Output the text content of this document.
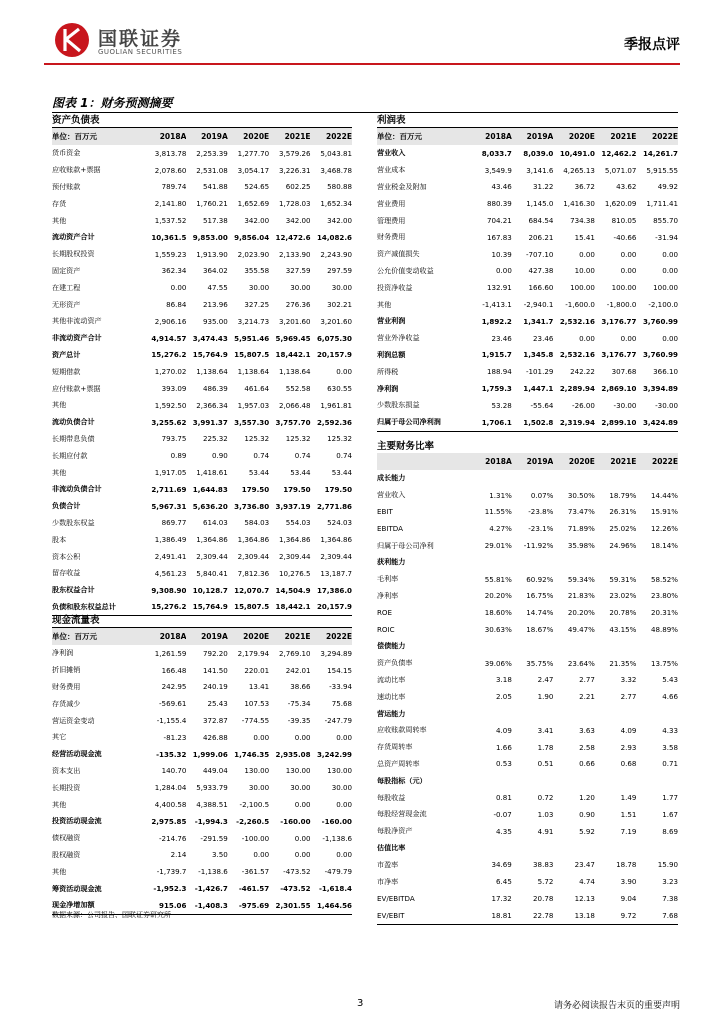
国联证券
GUOLIAN SECURITIES	季报点评
图表 1：财务预测摘要
资产负债表
单位：百万元	2018A	2019A	2020E	2021E	2022E
货币资金	3,813.78	2,253.39	1,277.70	3,579.26	5,043.81
应收账款+票据	2,078.60	2,531.08	3,054.17	3,226.31	3,468.78
预付账款	789.74	541.88	524.65	602.25	580.88
存货	2,141.80	1,760.21	1,652.69	1,728.03	1,652.34
其他	1,537.52	517.38	342.00	342.00	342.00
流动资产合计	10,361.5	9,853.00	9,856.04	12,472.6	14,082.6
长期股权投资	1,559.23	1,913.90	2,023.90	2,133.90	2,243.90
固定资产	362.34	364.02	355.58	327.59	297.59
在建工程	0.00	47.55	30.00	30.00	30.00
无形资产	86.84	213.96	327.25	276.36	302.21
其他非流动资产	2,906.16	935.00	3,214.73	3,201.60	3,201.60
非流动资产合计	4,914.57	3,474.43	5,951.46	5,969.45	6,075.30
资产总计	15,276.2	15,764.9	15,807.5	18,442.1	20,157.9
短期借款	1,270.02	1,138.64	1,138.64	1,138.64	0.00
应付账款+票据	393.09	486.39	461.64	552.58	630.55
其他	1,592.50	2,366.34	1,957.03	2,066.48	1,961.81
流动负债合计	3,255.62	3,991.37	3,557.30	3,757.70	2,592.36
长期带息负债	793.75	225.32	125.32	125.32	125.32
长期应付款	0.89	0.90	0.74	0.74	0.74
其他	1,917.05	1,418.61	53.44	53.44	53.44
非流动负债合计	2,711.69	1,644.83	179.50	179.50	179.50
负债合计	5,967.31	5,636.20	3,736.80	3,937.19	2,771.86
少数股东权益	869.77	614.03	584.03	554.03	524.03
股本	1,386.49	1,364.86	1,364.86	1,364.86	1,364.86
资本公积	2,491.41	2,309.44	2,309.44	2,309.44	2,309.44
留存收益	4,561.23	5,840.41	7,812.36	10,276.5	13,187.7
股东权益合计	9,308.90	10,128.7	12,070.7	14,504.9	17,386.0
负债和股东权益总计	15,276.2	15,764.9	15,807.5	18,442.1	20,157.9
利润表
单位：百万元	2018A	2019A	2020E	2021E	2022E
营业收入	8,033.7	8,039.0	10,491.0	12,462.2	14,261.7
营业成本	3,549.9	3,141.6	4,265.13	5,071.07	5,915.55
营业税金及附加	43.46	31.22	36.72	43.62	49.92
营业费用	880.39	1,145.0	1,416.30	1,620.09	1,711.41
管理费用	704.21	684.54	734.38	810.05	855.70
财务费用	167.83	206.21	15.41	-40.66	-31.94
资产减值损失	10.39	-707.10	0.00	0.00	0.00
公允价值变动收益	0.00	427.38	10.00	0.00	0.00
投资净收益	132.91	166.60	100.00	100.00	100.00
其他	-1,413.1	-2,940.1	-1,600.0	-1,800.0	-2,100.0
营业利润	1,892.2	1,341.7	2,532.16	3,176.77	3,760.99
营业外净收益	23.46	23.46	0.00	0.00	0.00
利润总额	1,915.7	1,345.8	2,532.16	3,176.77	3,760.99
所得税	188.94	-101.29	242.22	307.68	366.10
净利润	1,759.3	1,447.1	2,289.94	2,869.10	3,394.89
少数股东损益	53.28	-55.64	-26.00	-30.00	-30.00
归属于母公司净利润	1,706.1	1,502.8	2,319.94	2,899.10	3,424.89
主要财务比率
	2018A	2019A	2020E	2021E	2022E
成长能力					
营业收入	1.31%	0.07%	30.50%	18.79%	14.44%
EBIT	11.55%	-23.8%	73.47%	26.31%	15.91%
EBITDA	4.27%	-23.1%	71.89%	25.02%	12.26%
归属于母公司净利	29.01%	-11.92%	35.98%	24.96%	18.14%
获利能力					
毛利率	55.81%	60.92%	59.34%	59.31%	58.52%
净利率	20.20%	16.75%	21.83%	23.02%	23.80%
ROE	18.60%	14.74%	20.20%	20.78%	20.31%
ROIC	30.63%	18.67%	49.47%	43.15%	48.89%
偿债能力					
资产负债率	39.06%	35.75%	23.64%	21.35%	13.75%
流动比率	3.18	2.47	2.77	3.32	5.43
速动比率	2.05	1.90	2.21	2.77	4.66
营运能力					
应收账款周转率	4.09	3.41	3.63	4.09	4.33
存货周转率	1.66	1.78	2.58	2.93	3.58
总资产周转率	0.53	0.51	0.66	0.68	0.71
每股指标（元）					
每股收益	0.81	0.72	1.20	1.49	1.77
每股经营现金流	-0.07	1.03	0.90	1.51	1.67
每股净资产	4.35	4.91	5.92	7.19	8.69
估值比率					
市盈率	34.69	38.83	23.47	18.78	15.90
市净率	6.45	5.72	4.74	3.90	3.23
EV/EBITDA	17.32	20.78	12.13	9.04	7.38
EV/EBIT	18.81	22.78	13.18	9.72	7.68
现金流量表
单位：百万元	2018A	2019A	2020E	2021E	2022E
净利润	1,261.59	792.20	2,179.94	2,769.10	3,294.89
折旧摊销	166.48	141.50	220.01	242.01	154.15
财务费用	242.95	240.19	13.41	38.66	-33.94
存货减少	-569.61	25.43	107.53	-75.34	75.68
营运资金变动	-1,155.4	372.87	-774.55	-39.35	-247.79
其它	-81.23	426.88	0.00	0.00	0.00
经营活动现金流	-135.32	1,999.06	1,746.35	2,935.08	3,242.99
资本支出	140.70	449.04	130.00	130.00	130.00
长期投资	1,284.04	5,933.79	30.00	30.00	30.00
其他	4,400.58	4,388.51	-2,100.5	0.00	0.00
投资活动现金流	2,975.85	-1,994.3	-2,260.5	-160.00	-160.00
债权融资	-214.76	-291.59	-100.00	0.00	-1,138.6
股权融资	2.14	3.50	0.00	0.00	0.00
其他	-1,739.7	-1,138.6	-361.57	-473.52	-479.79
筹资活动现金流	-1,952.3	-1,426.7	-461.57	-473.52	-1,618.4
现金净增加额	915.06	-1,408.3	-975.69	2,301.55	1,464.56
数据来源：公司报告、国联证券研究所
3	请务必阅读报告末页的重要声明
